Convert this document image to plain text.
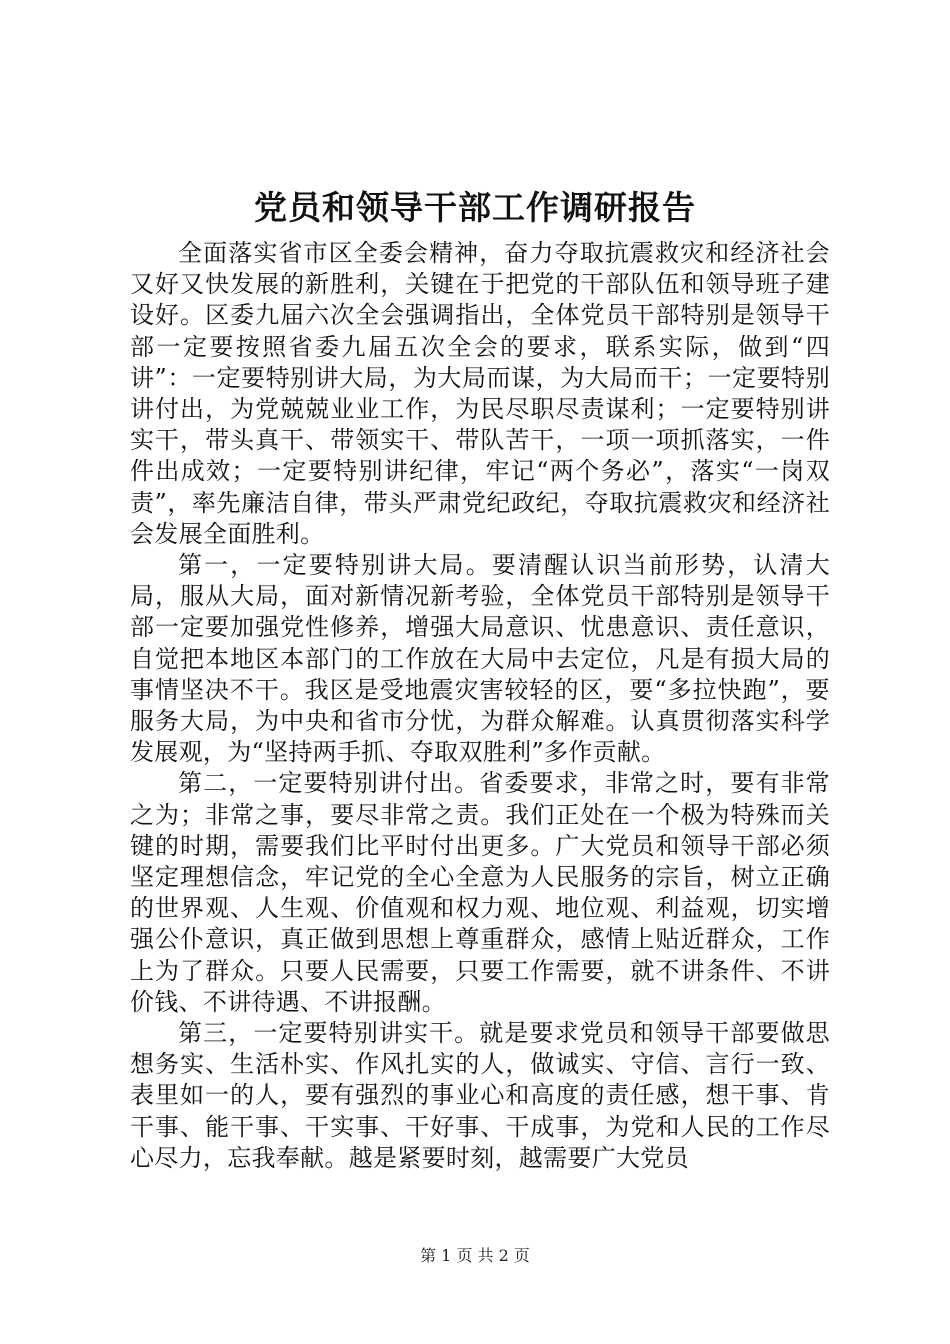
党员和领导干部工作调研报告

全面落实省市区全委会精神，奋力夺取抗震救灾和经济社会又好又快发展的新胜利，关键在于把党的干部队伍和领导班子建设好。区委九届六次全会强调指出，全体党员干部特别是领导干部一定要按照省委九届五次全会的要求，联系实际，做到“四讲”：一定要特别讲大局，为大局而谋，为大局而干；一定要特别讲付出，为党兢兢业业工作，为民尽职尽责谋利；一定要特别讲实干，带头真干、带领实干、带队苦干，一项一项抓落实，一件件出成效；一定要特别讲纪律，牢记“两个务必”，落实“一岗双责”，率先廉洁自律，带头严肃党纪政纪，夺取抗震救灾和经济社会发展全面胜利。

第一，一定要特别讲大局。要清醒认识当前形势，认清大局，服从大局，面对新情况新考验，全体党员干部特别是领导干部一定要加强党性修养，增强大局意识、忧患意识、责任意识，自觉把本地区本部门的工作放在大局中去定位，凡是有损大局的事情坚决不干。我区是受地震灾害较轻的区，要“多拉快跑”，要服务大局，为中央和省市分忧，为群众解难。认真贯彻落实科学发展观，为“坚持两手抓、夺取双胜利”多作贡献。

第二，一定要特别讲付出。省委要求，非常之时，要有非常之为；非常之事，要尽非常之责。我们正处在一个极为特殊而关键的时期，需要我们比平时付出更多。广大党员和领导干部必须坚定理想信念，牢记党的全心全意为人民服务的宗旨，树立正确的世界观、人生观、价值观和权力观、地位观、利益观，切实增强公仆意识，真正做到思想上尊重群众，感情上贴近群众，工作上为了群众。只要人民需要，只要工作需要，就不讲条件、不讲价钱、不讲待遇、不讲报酬。

第三，一定要特别讲实干。就是要求党员和领导干部要做思想务实、生活朴实、作风扎实的人，做诚实、守信、言行一致、表里如一的人，要有强烈的事业心和高度的责任感，想干事、肯干事、能干事、干实事、干好事、干成事，为党和人民的工作尽心尽力，忘我奉献。越是紧要时刻，越需要广大党员

第 1 页 共 2 页
